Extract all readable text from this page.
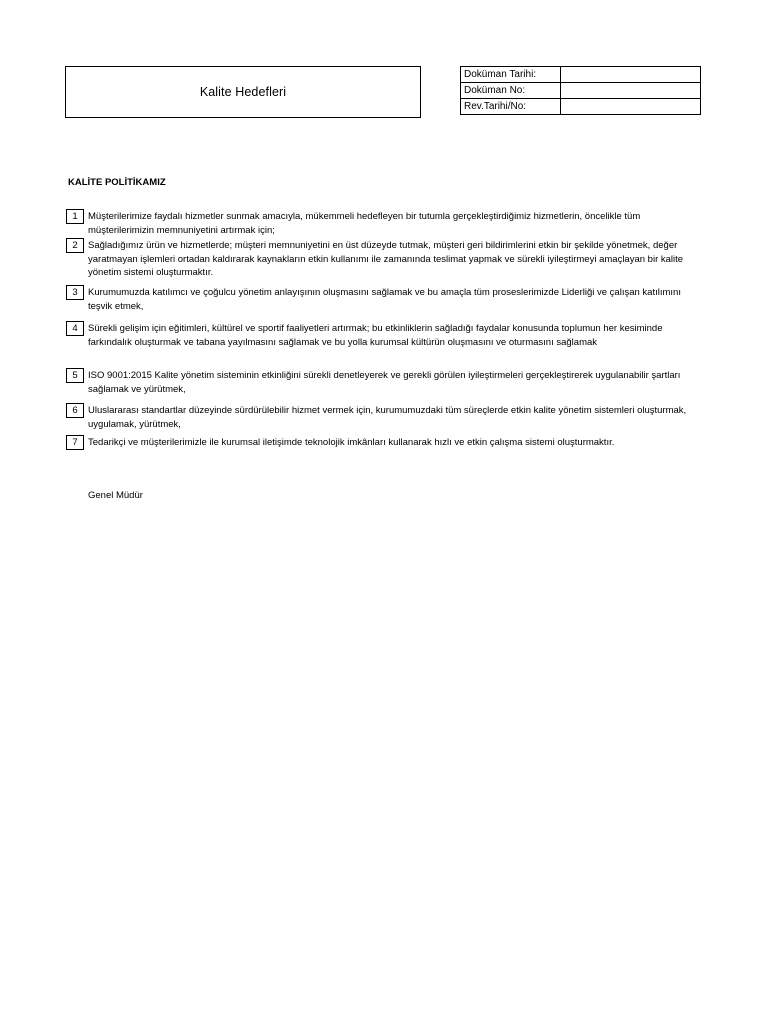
Kalite Hedefleri
Doküman Tarihi:	
Doküman No:	
Rev.Tarihi/No:	
KALİTE POLİTİKAMIZ
1	Müşterilerimize faydalı hizmetler sunmak amacıyla, mükemmeli hedefleyen bir tutumla gerçekleştirdiğimiz hizmetlerin, öncelikle tüm müşterilerimizin memnuniyetini artırmak için;
2	Sağladığımız ürün ve hizmetlerde; müşteri memnuniyetini en üst düzeyde tutmak, müşteri geri bildirimlerini etkin bir şekilde yönetmek, değer yaratmayan işlemleri ortadan kaldırarak kaynakların etkin kullanımı ile zamanında teslimat yapmak ve sürekli iyileştirmeyi amaçlayan bir kalite yönetim sistemi oluşturmaktır.
3	Kurumumuzda katılımcı ve çoğulcu yönetim anlayışının oluşmasını sağlamak ve bu amaçla tüm proseslerimizde Liderliği ve çalışan katılımını teşvik etmek,
4	Sürekli gelişim için eğitimleri, kültürel ve sportif faaliyetleri artırmak; bu etkinliklerin sağladığı faydalar konusunda toplumun her kesiminde farkındalık oluşturmak ve tabana yayılmasını sağlamak ve bu yolla kurumsal kültürün oluşmasını ve oturmasını sağlamak
5	ISO 9001:2015 Kalite yönetim sisteminin etkinliğini sürekli denetleyerek ve gerekli görülen iyileştirmeleri gerçekleştirerek uygulanabilir şartları sağlamak ve yürütmek,
6	Uluslararası standartlar düzeyinde sürdürülebilir hizmet vermek için, kurumumuzdaki tüm süreçlerde etkin kalite yönetim sistemleri oluşturmak, uygulamak, yürütmek,
7	Tedarikçi ve müşterilerimizle ile kurumsal iletişimde teknolojik imkânları kullanarak hızlı ve etkin çalışma sistemi oluşturmaktır.
Genel Müdür
